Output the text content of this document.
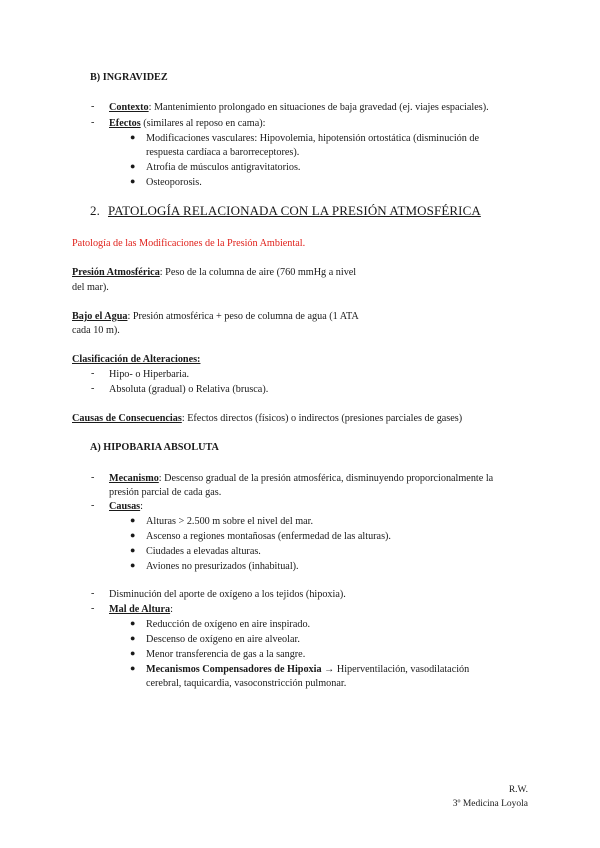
B) INGRAVIDEZ
- Contexto: Mantenimiento prolongado en situaciones de baja gravedad (ej. viajes espaciales).
- Efectos (similares al reposo en cama):
● Modificaciones vasculares: Hipovolemia, hipotensión ortostática (disminución de
respuesta cardíaca a barorreceptores).
● Atrofia de músculos antigravitatorios.
● Osteoporosis.
2. PATOLOGÍA RELACIONADA CON LA PRESIÓN ATMOSFÉRICA
Patología de las Modificaciones de la Presión Ambiental.
Presión Atmosférica: Peso de la columna de aire (760 mmHg a nivel
del mar).
Bajo el Agua: Presión atmosférica + peso de columna de agua (1 ATA
cada 10 m).
Clasificación de Alteraciones:
- Hipo- o Hiperbaria.
- Absoluta (gradual) o Relativa (brusca).
Causas de Consecuencias: Efectos directos (físicos) o indirectos (presiones parciales de gases)
A) HIPOBARIA ABSOLUTA
- Mecanismo: Descenso gradual de la presión atmosférica, disminuyendo proporcionalmente la
presión parcial de cada gas.
- Causas:
● Alturas > 2.500 m sobre el nivel del mar.
● Ascenso a regiones montañosas (enfermedad de las alturas).
● Ciudades a elevadas alturas.
● Aviones no presurizados (inhabitual).
- Disminución del aporte de oxígeno a los tejidos (hipoxia).
- Mal de Altura:
● Reducción de oxígeno en aire inspirado.
● Descenso de oxígeno en aire alveolar.
● Menor transferencia de gas a la sangre.
● Mecanismos Compensadores de Hipoxia → Hiperventilación, vasodilatación
cerebral, taquicardia, vasoconstricción pulmonar.
R.W.
3º Medicina Loyola
